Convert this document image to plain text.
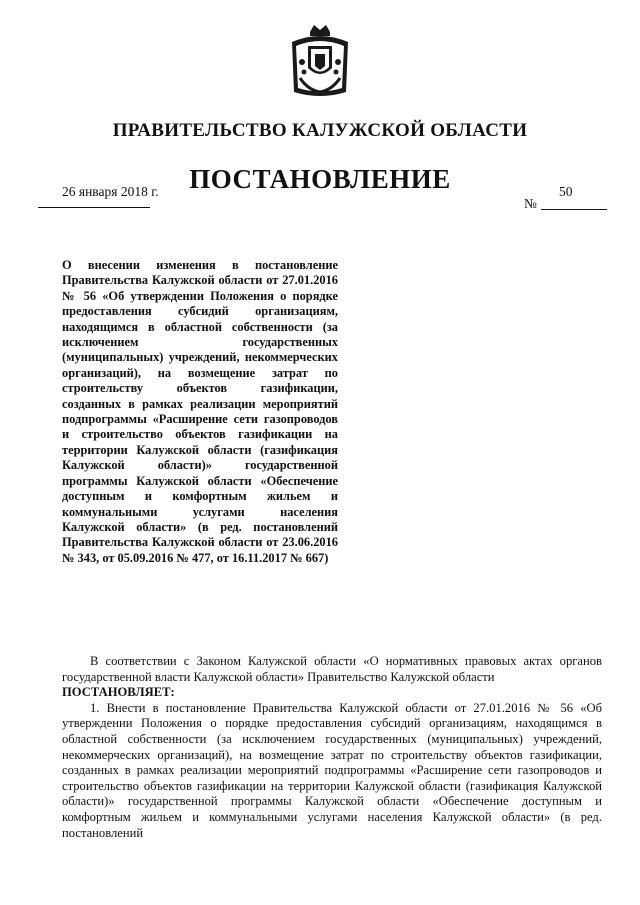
ПРАВИТЕЛЬСТВО КАЛУЖСКОЙ ОБЛАСТИ
ПОСТАНОВЛЕНИЕ
26 января 2018 г.	50
№

О внесении изменения в постановление Правительства Калужской области от 27.01.2016 № 56 «Об утверждении Положения о порядке предоставления субсидий организациям, находящимся в областной собственности (за исключением государственных (муниципальных) учреждений, некоммерческих организаций), на возмещение затрат по строительству объектов газификации, созданных в рамках реализации мероприятий подпрограммы «Расширение сети газопроводов и строительство объектов газификации на территории Калужской области (газификация Калужской области)» государственной программы Калужской области «Обеспечение доступным и комфортным жильем и коммунальными услугами населения Калужской области» (в ред. постановлений Правительства Калужской области от 23.06.2016 № 343, от 05.09.2016 № 477, от 16.11.2017 № 667)

В соответствии с Законом Калужской области «О нормативных правовых актах органов государственной власти Калужской области» Правительство Калужской области

ПОСТАНОВЛЯЕТ:

1. Внести в постановление Правительства Калужской области от 27.01.2016 № 56 «Об утверждении Положения о порядке предоставления субсидий организациям, находящимся в областной собственности (за исключением государственных (муниципальных) учреждений, некоммерческих организаций), на возмещение затрат по строительству объектов газификации, созданных в рамках реализации мероприятий подпрограммы «Расширение сети газопроводов и строительство объектов газификации на территории Калужской области (газификация Калужской области)» государственной программы Калужской области «Обеспечение доступным и комфортным жильем и коммунальными услугами населения Калужской области» (в ред. постановлений
